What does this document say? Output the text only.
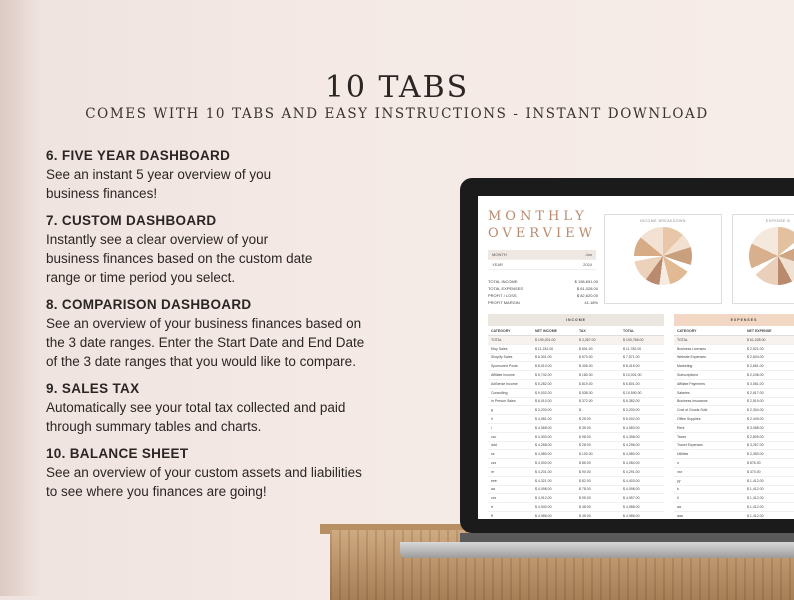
10 TABS
COMES WITH 10 TABS AND EASY INSTRUCTIONS - INSTANT DOWNLOAD
6. FIVE YEAR DASHBOARD

See an instant 5 year overview of you
business finances!

7. CUSTOM DASHBOARD

Instantly see a clear overview of your
business finances based on the custom date
range or time period you select.

8. COMPARISON DASHBOARD

See an overview of your business finances based on
the 3 date ranges. Enter the Start Date and End Date
of the 3 date ranges that you would like to compare.

9. SALES TAX

Automatically see your total tax collected and paid
through summary tables and charts.

10. BALANCE SHEET

See an overview of your custom assets and liabilities
to see where you finances are going!

MONTHLY
OVERVIEW
MONTH	Jan
YEAR	2024
TOTAL INCOME	$ 198,691.00
TOTAL EXPENSES	$ 61,028.00
PROFIT / LOSS	$ 82,620.00
PROFIT MARGIN	41.18%
INCOME BREAKDOWN	EXPENSE B
INCOME
CATEGORY	NET INCOME	TAX	TOTAL
TOTAL	$ 190,001.00	$ 3,267.00	$ 193,768.00
Etsy Sales	$ 11,181.00	$ 601.00	$ 11,782.00
Shopify Sales	$ 6,301.00	$ 570.00	$ 7,571.00
Sponsored Posts	$ 8,010.00	$ 406.00	$ 8,416.00
Affiliate Income	$ 5,742.00	$ 180.00	$ 10,001.00
AdSense Income	$ 5,282.00	$ 819.00	$ 6,801.00
Consulting	$ 9,002.00	$ 538.00	$ 10,590.00
In Person Sales	$ 6,010.00	$ 372.00	$ 6,382.00
g	$ 3,200.00	$ -	$ 3,200.00
h	$ 4,981.00	$ 25.00	$ 5,002.00
i	$ 4,068.00	$ 35.00	$ 4,083.00
ccc	$ 4,300.00	$ 98.00	$ 4,398.00
ddd	$ 4,268.00	$ 28.00	$ 4,296.00
ss	$ 4,980.00	$ 100.00	$ 4,980.00
zzz	$ 4,000.00	$ 85.00	$ 4,084.00
rrr	$ 4,201.00	$ 90.00	$ 4,291.00
eee	$ 4,321.00	$ 82.00	$ 4,403.00
aa	$ 4,098.00	$ 78.00	$ 4,098.00
xxx	$ 4,912.00	$ 95.00	$ 4,957.00
rt	$ 4,940.00	$ 48.00	$ 4,988.00
ff	$ 4,986.00	$ 45.00	$ 4,986.00
EXPENSES
CATEGORY	NET EXPENSE
TOTAL	$ 61,028.00
Business Licenses	$ 2,521.00
Website Expenses	$ 2,604.00
Marketing	$ 2,661.00
Subscriptions	$ 2,246.00
Affiliate Payments	$ 3,061.00
Salaries	$ 2,617.00
Business Insurance	$ 2,519.00
Cost of Goods Sold	$ 2,304.00
Office Supplies	$ 2,449.00
Rent	$ 3,088.00
Taxes	$ 2,809.00
Travel Expenses	$ 3,267.00
Utilities	$ 2,350.00
n	$ 876.00
xxx	$ 373.00
yy	$ 1,412.00
k	$ 1,412.00
ll	$ 1,412.00
aa	$ 1,412.00
aaa	$ 1,412.00
